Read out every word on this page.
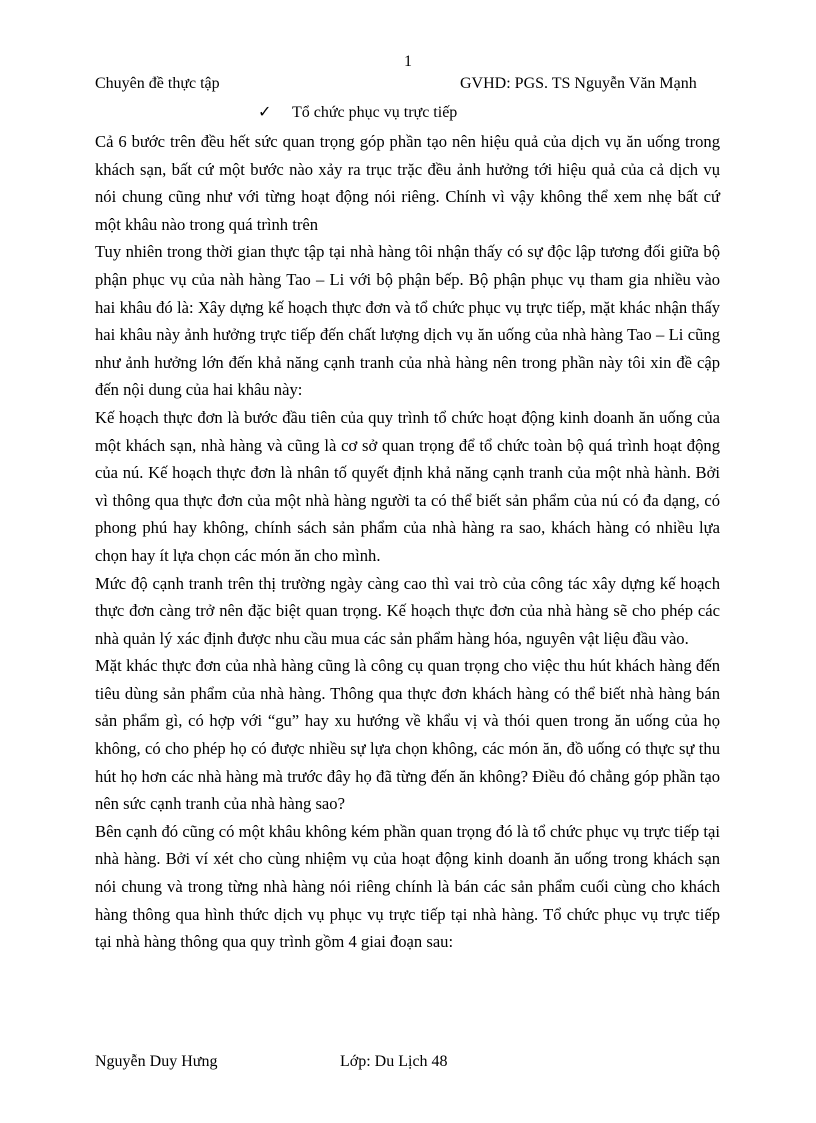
1
Chuyên đề thực tập	GVHD: PGS. TS Nguyễn Văn Mạnh
✓ Tổ chức phục vụ trực tiếp

Cả 6 bước trên đều hết sức quan trọng góp phần tạo nên hiệu quả của dịch vụ ăn uống trong khách sạn, bất cứ một bước nào xảy ra trục trặc đều ảnh hưởng tới hiệu quả của cả dịch vụ nói chung cũng như với từng hoạt động nói riêng. Chính vì vậy không thể xem nhẹ bất cứ một khâu nào trong quá trình trên

Tuy nhiên trong thời gian thực tập tại nhà hàng tôi nhận thấy có sự độc lập tương đối giữa bộ phận phục vụ của nàh hàng Tao – Li với bộ phận bếp. Bộ phận phục vụ tham gia nhiều vào hai khâu đó là: Xây dựng kế hoạch thực đơn và tổ chức phục vụ trực tiếp, mặt khác nhận thấy hai khâu này ảnh hưởng trực tiếp đến chất lượng dịch vụ ăn uống của nhà hàng Tao – Li cũng như ảnh hưởng lớn đến khả năng cạnh tranh của nhà hàng nên trong phần này tôi xin đề cập đến nội dung của hai khâu này:

Kế hoạch thực đơn là bước đầu tiên của quy trình tổ chức hoạt động kinh doanh ăn uống của một khách sạn, nhà hàng và cũng là cơ sở quan trọng để tổ chức toàn bộ quá trình hoạt động của nú. Kế hoạch thực đơn là nhân tố quyết định khả năng cạnh tranh của một nhà hành. Bởi vì thông qua thực đơn của một nhà hàng người ta có thể biết sản phẩm của nú có đa dạng, có phong phú hay không, chính sách sản phẩm của nhà hàng ra sao, khách hàng có nhiều lựa chọn hay ít lựa chọn các món ăn cho mình.

Mức độ cạnh tranh trên thị trường ngày càng cao thì vai trò của công tác xây dựng kế hoạch thực đơn càng trở nên đặc biệt quan trọng. Kế hoạch thực đơn của nhà hàng sẽ cho phép các nhà quản lý xác định được nhu cầu mua các sản phẩm hàng hóa, nguyên vật liệu đầu vào.

Mặt khác thực đơn của nhà hàng cũng là công cụ quan trọng cho việc thu hút khách hàng đến tiêu dùng sản phẩm của nhà hàng. Thông qua thực đơn khách hàng có thể biết nhà hàng bán sản phẩm gì, có hợp với “gu” hay xu hướng về khẩu vị và thói quen trong ăn uống của họ không, có cho phép họ có được nhiều sự lựa chọn không, các món ăn, đồ uống có thực sự thu hút họ hơn các nhà hàng mà trước đây họ đã từng đến ăn không? Điều đó chẳng góp phần tạo nên sức cạnh tranh của nhà hàng sao?

Bên cạnh đó cũng có một khâu không kém phần quan trọng đó là tổ chức phục vụ trực tiếp tại nhà hàng. Bởi ví xét cho cùng nhiệm vụ của hoạt động kinh doanh ăn uống trong khách sạn nói chung và trong từng nhà hàng nói riêng chính là bán các sản phẩm cuối cùng cho khách hàng thông qua hình thức dịch vụ phục vụ trực tiếp tại nhà hàng. Tổ chức phục vụ trực tiếp tại nhà hàng thông qua quy trình gồm 4 giai đoạn sau:

Nguyễn Duy Hưng	Lớp: Du Lịch 48
